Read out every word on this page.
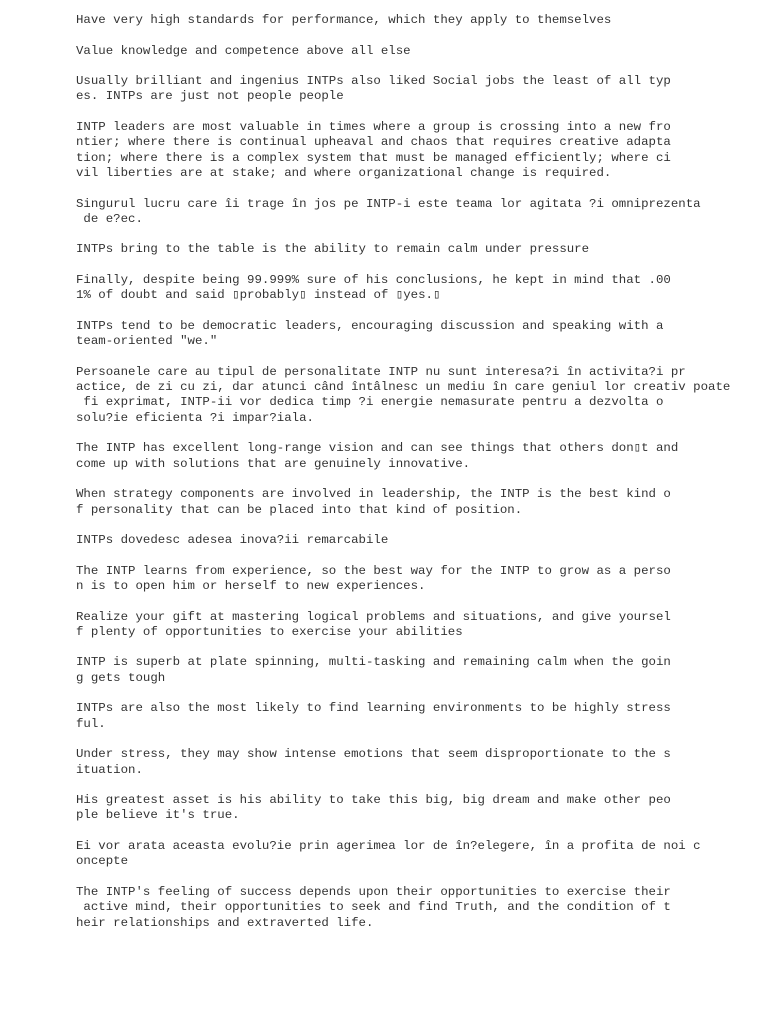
Have very high standards for performance, which they apply to themselves
Value knowledge and competence above all else
Usually brilliant and ingenius INTPs also liked Social jobs the least of all typ
es. INTPs are just not people people
INTP leaders are most valuable in times where a group is crossing into a new fro
ntier; where there is continual upheaval and chaos that requires creative adapta
tion; where there is a complex system that must be managed efficiently; where ci
vil liberties are at stake; and where organizational change is required.
Singurul lucru care îi trage în jos pe INTP-i este teama lor agitata ?i omniprezenta
de e?ec.
INTPs bring to the table is the ability to remain calm under pressure
Finally, despite being 99.999% sure of his conclusions, he kept in mind that .00
1% of doubt and said ▯probably▯ instead of ▯yes.▯
INTPs tend to be democratic leaders, encouraging discussion and speaking with a
team-oriented "we."
Persoanele care au tipul de personalitate INTP nu sunt interesa?i în activita?i pr
actice, de zi cu zi, dar atunci când întâlnesc un mediu în care geniul lor creativ poate
fi exprimat, INTP-ii vor dedica timp ?i energie nemasurate pentru a dezvolta o
solu?ie eficienta ?i impar?iala.
The INTP has excellent long-range vision and can see things that others don▯t and
come up with solutions that are genuinely innovative.
When strategy components are involved in leadership, the INTP is the best kind o
f personality that can be placed into that kind of position.
INTPs dovedesc adesea inova?ii remarcabile
The INTP learns from experience, so the best way for the INTP to grow as a perso
n is to open him or herself to new experiences.
Realize your gift at mastering logical problems and situations, and give yoursel
f plenty of opportunities to exercise your abilities
INTP is superb at plate spinning, multi-tasking and remaining calm when the goin
g gets tough
INTPs are also the most likely to find learning environments to be highly stress
ful.
Under stress, they may show intense emotions that seem disproportionate to the s
ituation.
His greatest asset is his ability to take this big, big dream and make other peo
ple believe it's true.
Ei vor arata aceasta evolu?ie prin agerimea lor de în?elegere, în a profita de noi c
oncepte
The INTP's feeling of success depends upon their opportunities to exercise their
active mind, their opportunities to seek and find Truth, and the condition of t
heir relationships and extraverted life.
